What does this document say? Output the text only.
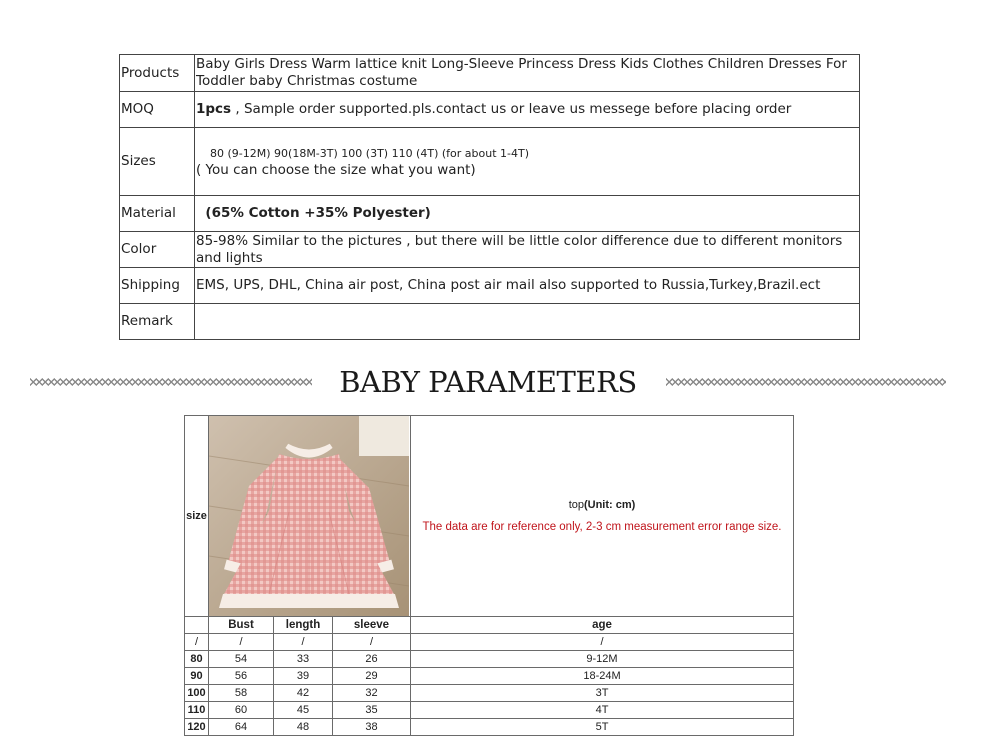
Products	Baby Girls Dress Warm lattice knit Long-Sleeve Princess Dress Kids Clothes Children Dresses For Toddler baby Christmas costume
MOQ	1pcs , Sample order supported.pls.contact us or leave us messege before placing order
Sizes	80 (9-12M) 90(18M-3T) 100 (3T) 110 (4T) (for about 1-4T)
( You can choose the size what you want)
Material	(65% Cotton +35% Polyester)
Color	85-98% Similar to the pictures , but there will be little color difference due to different monitors and lights
Shipping	EMS, UPS, DHL, China air post, China post air mail also supported to Russia,Turkey,Brazil.ect
Remark	
BABY PARAMETERS
size				top(Unit: cm)
The data are for reference only, 2-3 cm measurement error range size.

	Bust	length	sleeve	age
/	/	/	/	/
80	54	33	26	9-12M
90	56	39	29	18-24M
100	58	42	32	3T
110	60	45	35	4T
120	64	48	38	5T
